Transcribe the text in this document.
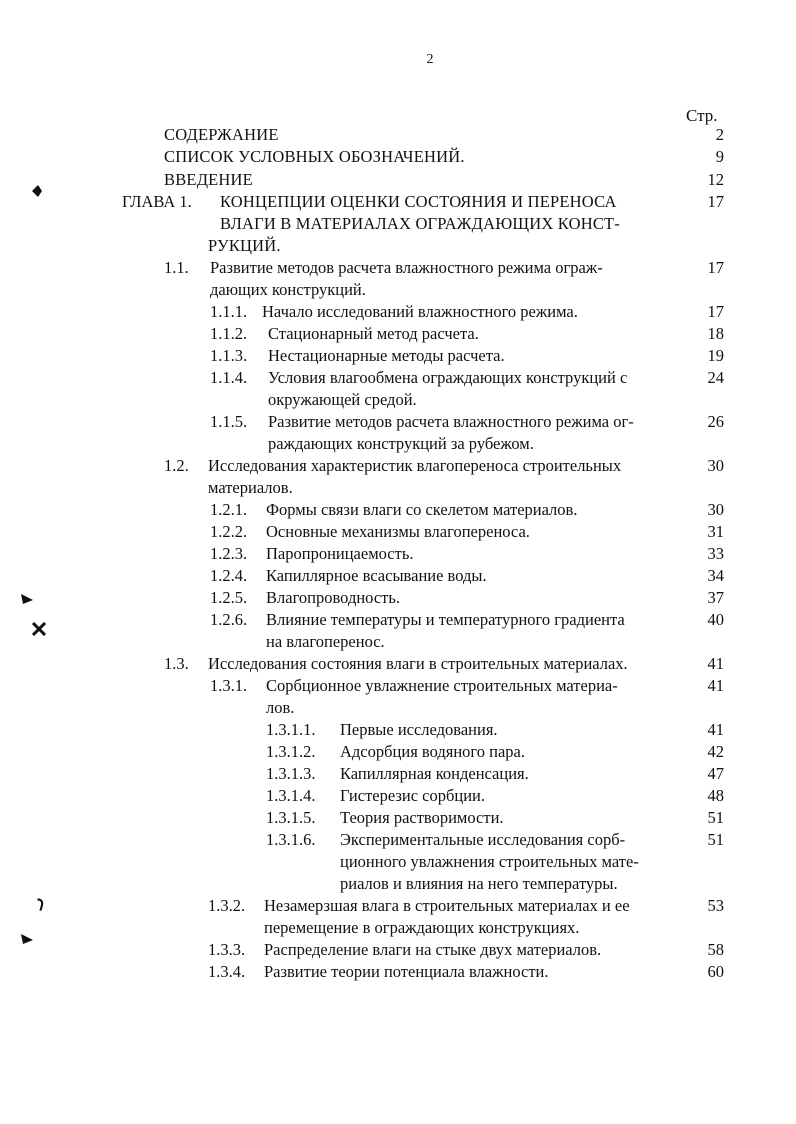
2
Стр.
СОДЕРЖАНИЕ	2
СПИСОК УСЛОВНЫХ ОБОЗНАЧЕНИЙ.	9
ВВЕДЕНИЕ	12
ГЛАВА 1. КОНЦЕПЦИИ ОЦЕНКИ СОСТОЯНИЯ И ПЕРЕНОСА	17
ВЛАГИ В МАТЕРИАЛАХ ОГРАЖДАЮЩИХ КОНСТ-
РУКЦИЙ.
1.1. Развитие методов расчета влажностного режима ограж-	17
дающих конструкций.
1.1.1. Начало исследований влажностного режима.	17
1.1.2. Стационарный метод расчета.	18
1.1.3. Нестационарные методы расчета.	19
1.1.4. Условия влагообмена ограждающих конструкций с	24
окружающей средой.
1.1.5. Развитие методов расчета влажностного режима ог-	26
раждающих конструкций за рубежом.
1.2. Исследования характеристик влагопереноса строительных	30
материалов.
1.2.1. Формы связи влаги со скелетом материалов.	30
1.2.2. Основные механизмы влагопереноса.	31
1.2.3. Паропроницаемость.	33
1.2.4. Капиллярное всасывание воды.	34
1.2.5. Влагопроводность.	37
1.2.6. Влияние температуры и температурного градиента	40
на влагоперенос.
1.3. Исследования состояния влаги в строительных материалах.	41
1.3.1. Сорбционное увлажнение строительных материа-	41
лов.
1.3.1.1. Первые исследования.	41
1.3.1.2. Адсорбция водяного пара.	42
1.3.1.3. Капиллярная конденсация.	47
1.3.1.4. Гистерезис сорбции.	48
1.3.1.5. Теория растворимости.	51
1.3.1.6. Экспериментальные исследования сорб-	51
ционного увлажнения строительных мате-
риалов и влияния на него температуры.
1.3.2. Незамерзшая влага в строительных материалах и ее	53
перемещение в ограждающих конструкциях.
1.3.3. Распределение влаги на стыке двух материалов.	58
1.3.4. Развитие теории потенциала влажности.	60
